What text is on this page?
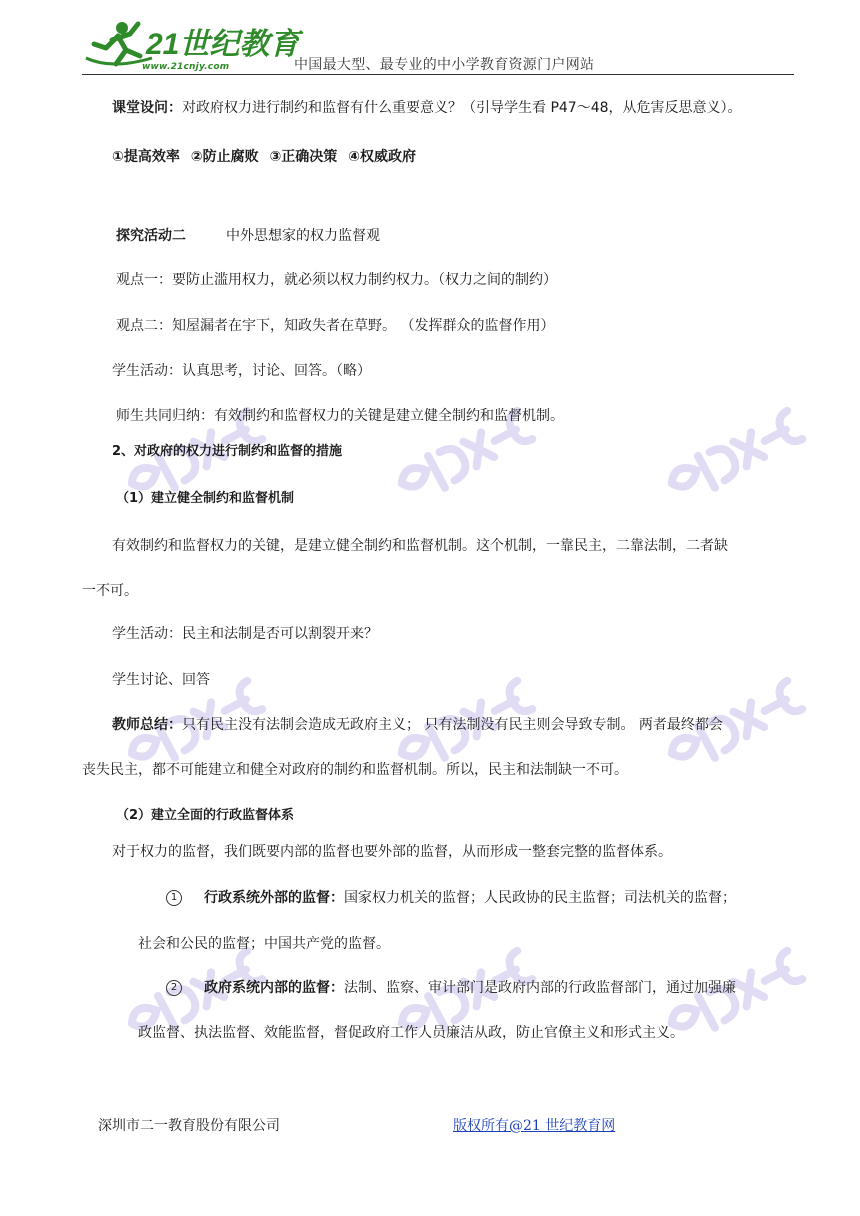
21世纪教育
www.21cnjy.com	中国最大型、最专业的中小学教育资源门户网站
课堂设问：对政府权力进行制约和监督有什么重要意义？（引导学生看 P47～48，从危害反思意义）。
①提高效率 ②防止腐败 ③正确决策 ④权威政府
探究活动二	中外思想家的权力监督观
观点一：要防止滥用权力，就必须以权力制约权力。（权力之间的制约）
观点二：知屋漏者在宇下，知政失者在草野。 （发挥群众的监督作用）
学生活动：认真思考，讨论、回答。（略）
师生共同归纳：有效制约和监督权力的关键是建立健全制约和监督机制。
2、对政府的权力进行制约和监督的措施
（1）建立健全制约和监督机制
有效制约和监督权力的关键，是建立健全制约和监督机制。这个机制，一靠民主，二靠法制，二者缺
一不可。
学生活动：民主和法制是否可以割裂开来？
学生讨论、回答
教师总结：只有民主没有法制会造成无政府主义； 只有法制没有民主则会导致专制。 两者最终都会
丧失民主，都不可能建立和健全对政府的制约和监督机制。所以，民主和法制缺一不可。
（2）建立全面的行政监督体系
对于权力的监督，我们既要内部的监督也要外部的监督，从而形成一整套完整的监督体系。
1 行政系统外部的监督：国家权力机关的监督；人民政协的民主监督；司法机关的监督；
社会和公民的监督；中国共产党的监督。
2 政府系统内部的监督：法制、监察、审计部门是政府内部的行政监督部门，通过加强廉
政监督、执法监督、效能监督，督促政府工作人员廉洁从政，防止官僚主义和形式主义。
深圳市二一教育股份有限公司	版权所有@21 世纪教育网
